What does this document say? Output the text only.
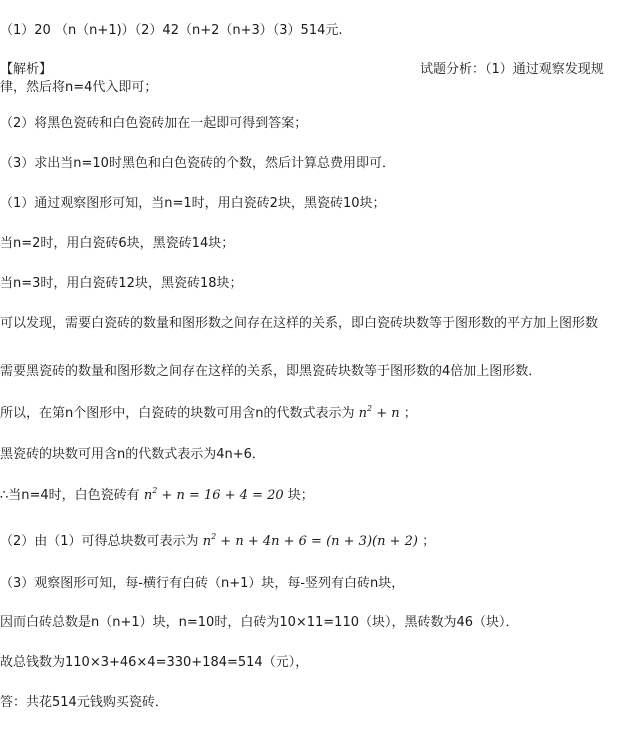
（1）20 （n（n+1)）（2）42（n+2（n+3）（3）514元.
【解析】	试题分析：（1）通过观察发现规
律，然后将n=4代入即可；
（2）将黑色瓷砖和白色瓷砖加在一起即可得到答案；
（3）求出当n=10时黑色和白色瓷砖的个数，然后计算总费用即可．
（1）通过观察图形可知，当n=1时，用白瓷砖2块，黑瓷砖10块；
当n=2时，用白瓷砖6块，黑瓷砖14块；
当n=3时，用白瓷砖12块，黑瓷砖18块；
可以发现，需要白瓷砖的数量和图形数之间存在这样的关系，即白瓷砖块数等于图形数的平方加上图形数
需要黑瓷砖的数量和图形数之间存在这样的关系，即黑瓷砖块数等于图形数的4倍加上图形数．
所以，在第n个图形中，白瓷砖的块数可用含n的代数式表示为 $n^2 + n$ ；
黑瓷砖的块数可用含n的代数式表示为4n+6．
∴当n=4时，白色瓷砖有 $n^2 + n = 16 + 4 = 20$ 块；
（2）由（1）可得总块数可表示为 $n^2 + n + 4n + 6 = (n + 3)(n + 2)$ ；
（3）观察图形可知，每-横行有白砖（n+1）块，每-竖列有白砖n块，
因而白砖总数是n（n+1）块，n=10时，白砖为10×11=110（块），黑砖数为46（块）．
故总钱数为110×3+46×4=330+184=514（元），
答：共花514元钱购买瓷砖．
